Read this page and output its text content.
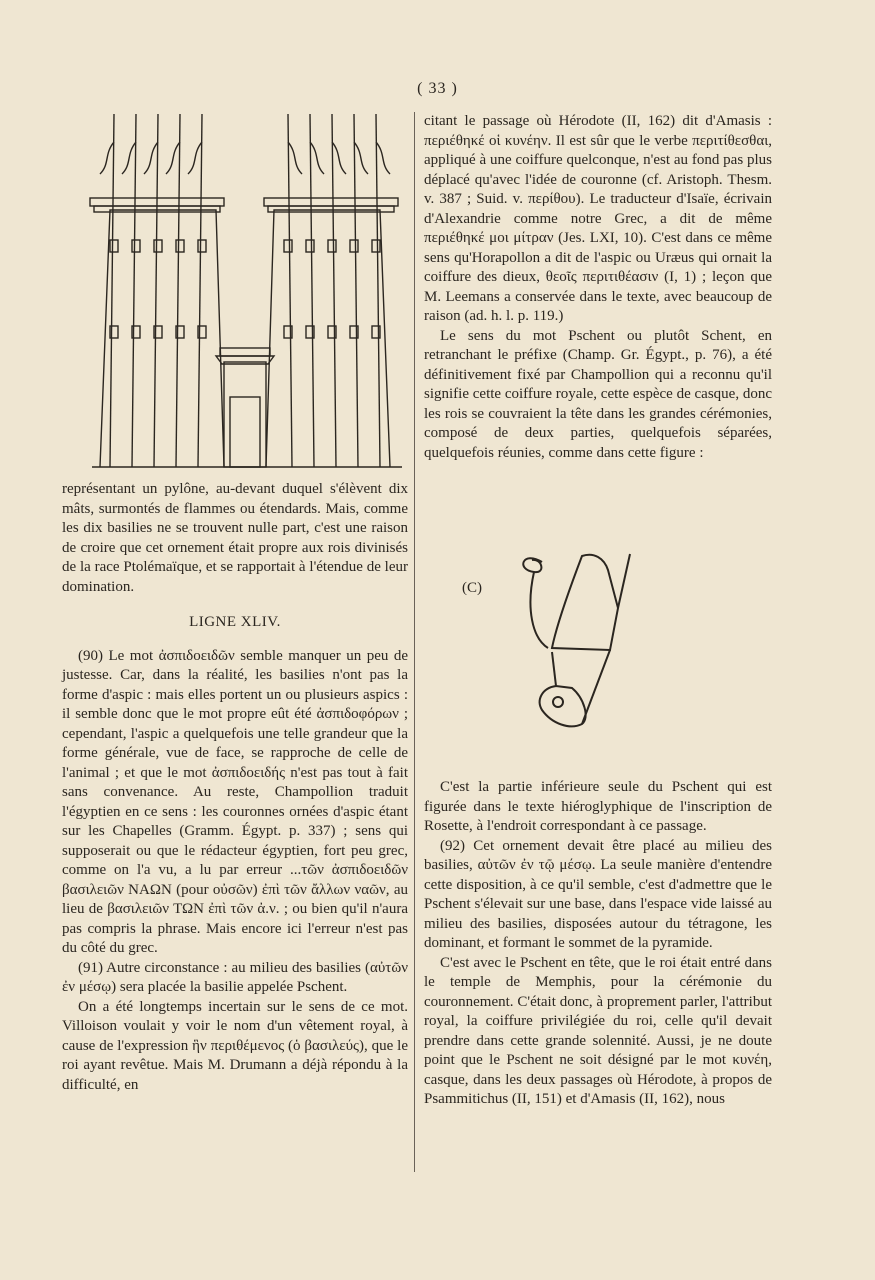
( 33 )
(C)

représentant un pylône, au-devant duquel s'élèvent dix mâts, surmontés de flammes ou étendards. Mais, comme les dix basilies ne se trouvent nulle part, c'est une raison de croire que cet ornement était propre aux rois divinisés de la race Ptolémaïque, et se rapportait à l'étendue de leur domination.

LIGNE XLIV.

(90) Le mot ἀσπιδοειδῶν semble manquer un peu de justesse. Car, dans la réalité, les basilies n'ont pas la forme d'aspic : mais elles portent un ou plusieurs aspics : il semble donc que le mot propre eût été ἀσπιδοφόρων ; cependant, l'aspic a quelquefois une telle grandeur que la forme générale, vue de face, se rapproche de celle de l'animal ; et que le mot ἀσπιδοειδής n'est pas tout à fait sans convenance. Au reste, Champollion traduit l'égyptien en ce sens : les couronnes ornées d'aspic étant sur les Chapelles (Gramm. Égypt. p. 337) ; sens qui supposerait ou que le rédacteur égyptien, fort peu grec, comme on l'a vu, a lu par erreur ...τῶν ἀσπιδοειδῶν βασιλειῶν ΝΑΩΝ (pour οὐσῶν) ἐπὶ τῶν ἄλλων ναῶν, au lieu de βασιλειῶν ΤΩΝ ἐπὶ τῶν ἀ.ν. ; ou bien qu'il n'aura pas compris la phrase. Mais encore ici l'erreur n'est pas du côté du grec.

(91) Autre circonstance : au milieu des basilies (αὐτῶν ἐν μέσῳ) sera placée la basilie appelée Pschent.

On a été longtemps incertain sur le sens de ce mot. Villoison voulait y voir le nom d'un vêtement royal, à cause de l'expression ἣν περιθέμενος (ὁ βασιλεύς), que le roi ayant revêtue. Mais M. Drumann a déjà répondu à la difficulté, en

citant le passage où Hérodote (II, 162) dit d'Amasis : περιέθηκέ οἱ κυνέην. Il est sûr que le verbe περιτίθεσθαι, appliqué à une coiffure quelconque, n'est au fond pas plus déplacé qu'avec l'idée de couronne (cf. Aristoph. Thesm. v. 387 ; Suid. v. περίθου). Le traducteur d'Isaïe, écrivain d'Alexandrie comme notre Grec, a dit de même περιέθηκέ μοι μίτραν (Jes. LXI, 10). C'est dans ce même sens qu'Horapollon a dit de l'aspic ou Uræus qui ornait la coiffure des dieux, θεοῖς περιτιθέασιν (I, 1) ; leçon que M. Leemans a conservée dans le texte, avec beaucoup de raison (ad. h. l. p. 119.)

Le sens du mot Pschent ou plutôt Schent, en retranchant le préfixe (Champ. Gr. Égypt., p. 76), a été définitivement fixé par Champollion qui a reconnu qu'il signifie cette coiffure royale, cette espèce de casque, donc les rois se couvraient la tête dans les grandes cérémonies, composé de deux parties, quelquefois séparées, quelquefois réunies, comme dans cette figure :

C'est la partie inférieure seule du Pschent qui est figurée dans le texte hiéroglyphique de l'inscription de Rosette, à l'endroit correspondant à ce passage.

(92) Cet ornement devait être placé au milieu des basilies, αὐτῶν ἐν τῷ μέσῳ. La seule manière d'entendre cette disposition, à ce qu'il semble, c'est d'admettre que le Pschent s'élevait sur une base, dans l'espace vide laissé au milieu des basilies, disposées autour du tétragone, les dominant, et formant le sommet de la pyramide.

C'est avec le Pschent en tête, que le roi était entré dans le temple de Memphis, pour la cérémonie du couronnement. C'était donc, à proprement parler, l'attribut royal, la coiffure privilégiée du roi, celle qu'il devait prendre dans cette grande solennité. Aussi, je ne doute point que le Pschent ne soit désigné par le mot κυνέη, casque, dans les deux passages où Hérodote, à propos de Psammitichus (II, 151) et d'Amasis (II, 162), nous
